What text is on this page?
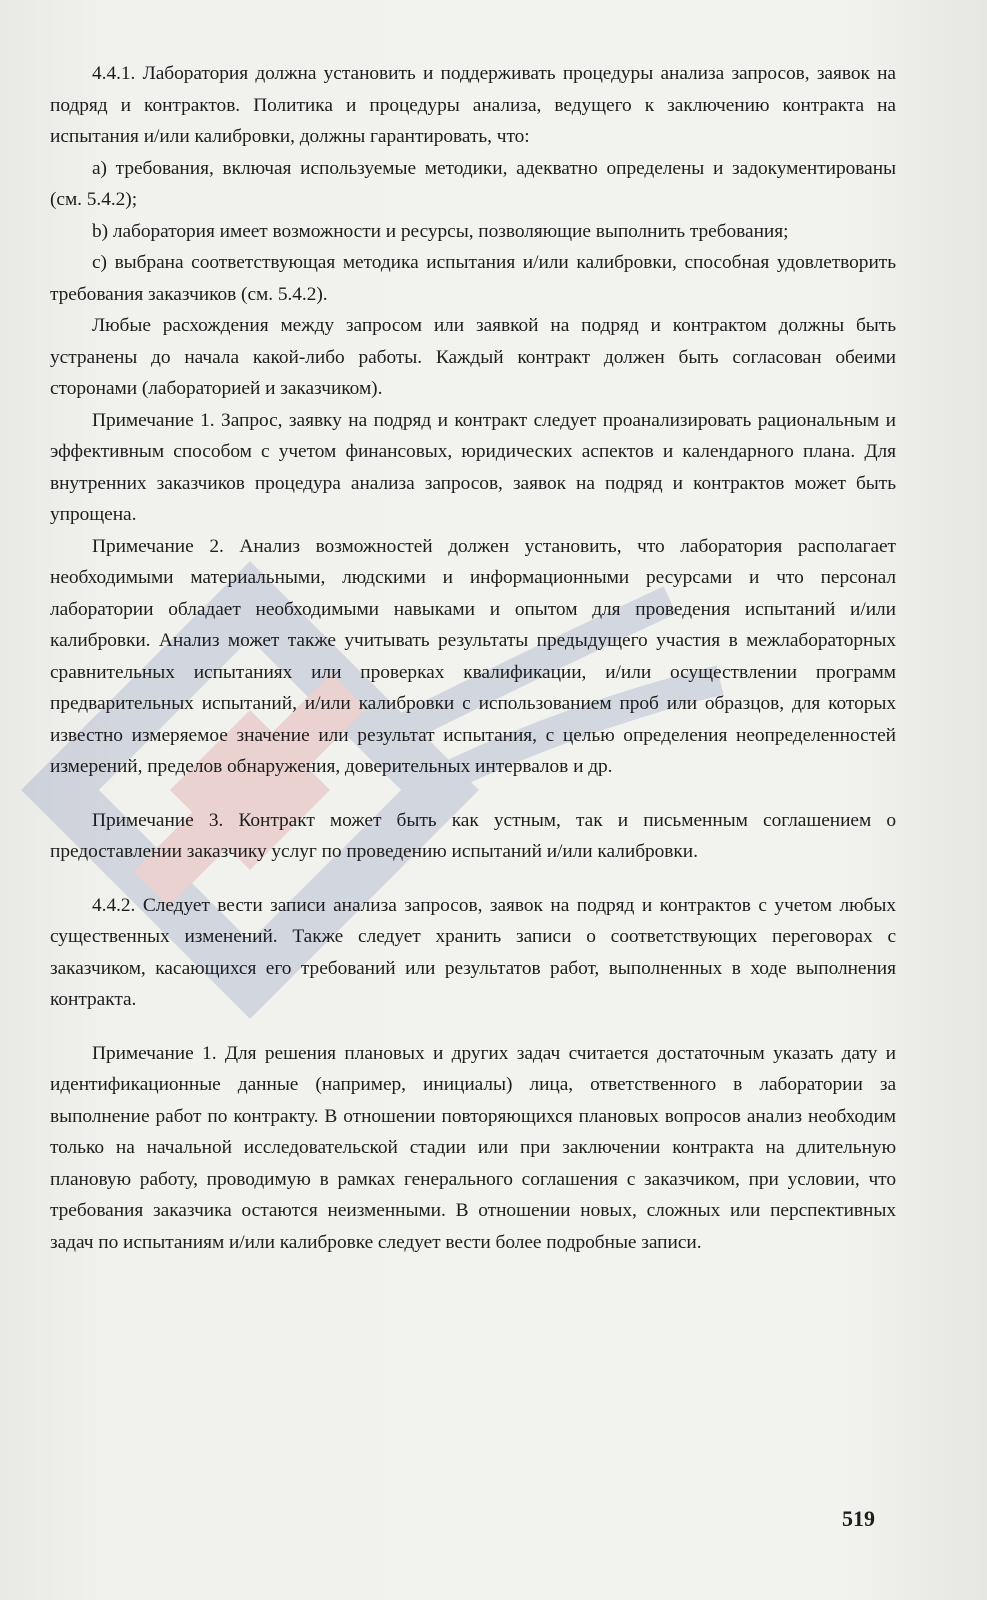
4.4.1. Лаборатория должна установить и поддерживать процедуры анализа запросов, заявок на подряд и контрактов. Политика и процедуры анализа, ведущего к заключению контракта на испытания и/или калибровки, должны гарантировать, что:

а) требования, включая используемые методики, адекватно определены и задокументированы (см. 5.4.2);

b) лаборатория имеет возможности и ресурсы, позволяющие выполнить требования;

c) выбрана соответствующая методика испытания и/или калибровки, способная удовлетворить требования заказчиков (см. 5.4.2).

Любые расхождения между запросом или заявкой на подряд и контрактом должны быть устранены до начала какой-либо работы. Каждый контракт должен быть согласован обеими сторонами (лабораторией и заказчиком).

Примечание 1. Запрос, заявку на подряд и контракт следует проанализировать рациональным и эффективным способом с учетом финансовых, юридических аспектов и календарного плана. Для внутренних заказчиков процедура анализа запросов, заявок на подряд и контрактов может быть упрощена.

Примечание 2. Анализ возможностей должен установить, что лаборатория располагает необходимыми материальными, людскими и информационными ресурсами и что персонал лаборатории обладает необходимыми навыками и опытом для проведения испытаний и/или калибровки. Анализ может также учитывать результаты предыдущего участия в межлабораторных сравнительных испытаниях или проверках квалификации, и/или осуществлении программ предварительных испытаний, и/или калибровки с использованием проб или образцов, для которых известно измеряемое значение или результат испытания, с целью определения неопределенностей измерений, пределов обнаружения, доверительных интервалов и др.

Примечание 3. Контракт может быть как устным, так и письменным соглашением о предоставлении заказчику услуг по проведению испытаний и/или калибровки.

4.4.2. Следует вести записи анализа запросов, заявок на подряд и контрактов с учетом любых существенных изменений. Также следует хранить записи о соответствующих переговорах с заказчиком, касающихся его требований или результатов работ, выполненных в ходе выполнения контракта.

Примечание 1. Для решения плановых и других задач считается достаточным указать дату и идентификационные данные (например, инициалы) лица, ответственного в лаборатории за выполнение работ по контракту. В отношении повторяющихся плановых вопросов анализ необходим только на начальной исследовательской стадии или при заключении контракта на длительную плановую работу, проводимую в рамках генерального соглашения с заказчиком, при условии, что требования заказчика остаются неизменными. В отношении новых, сложных или перспективных задач по испытаниям и/или калибровке следует вести более подробные записи.

519
